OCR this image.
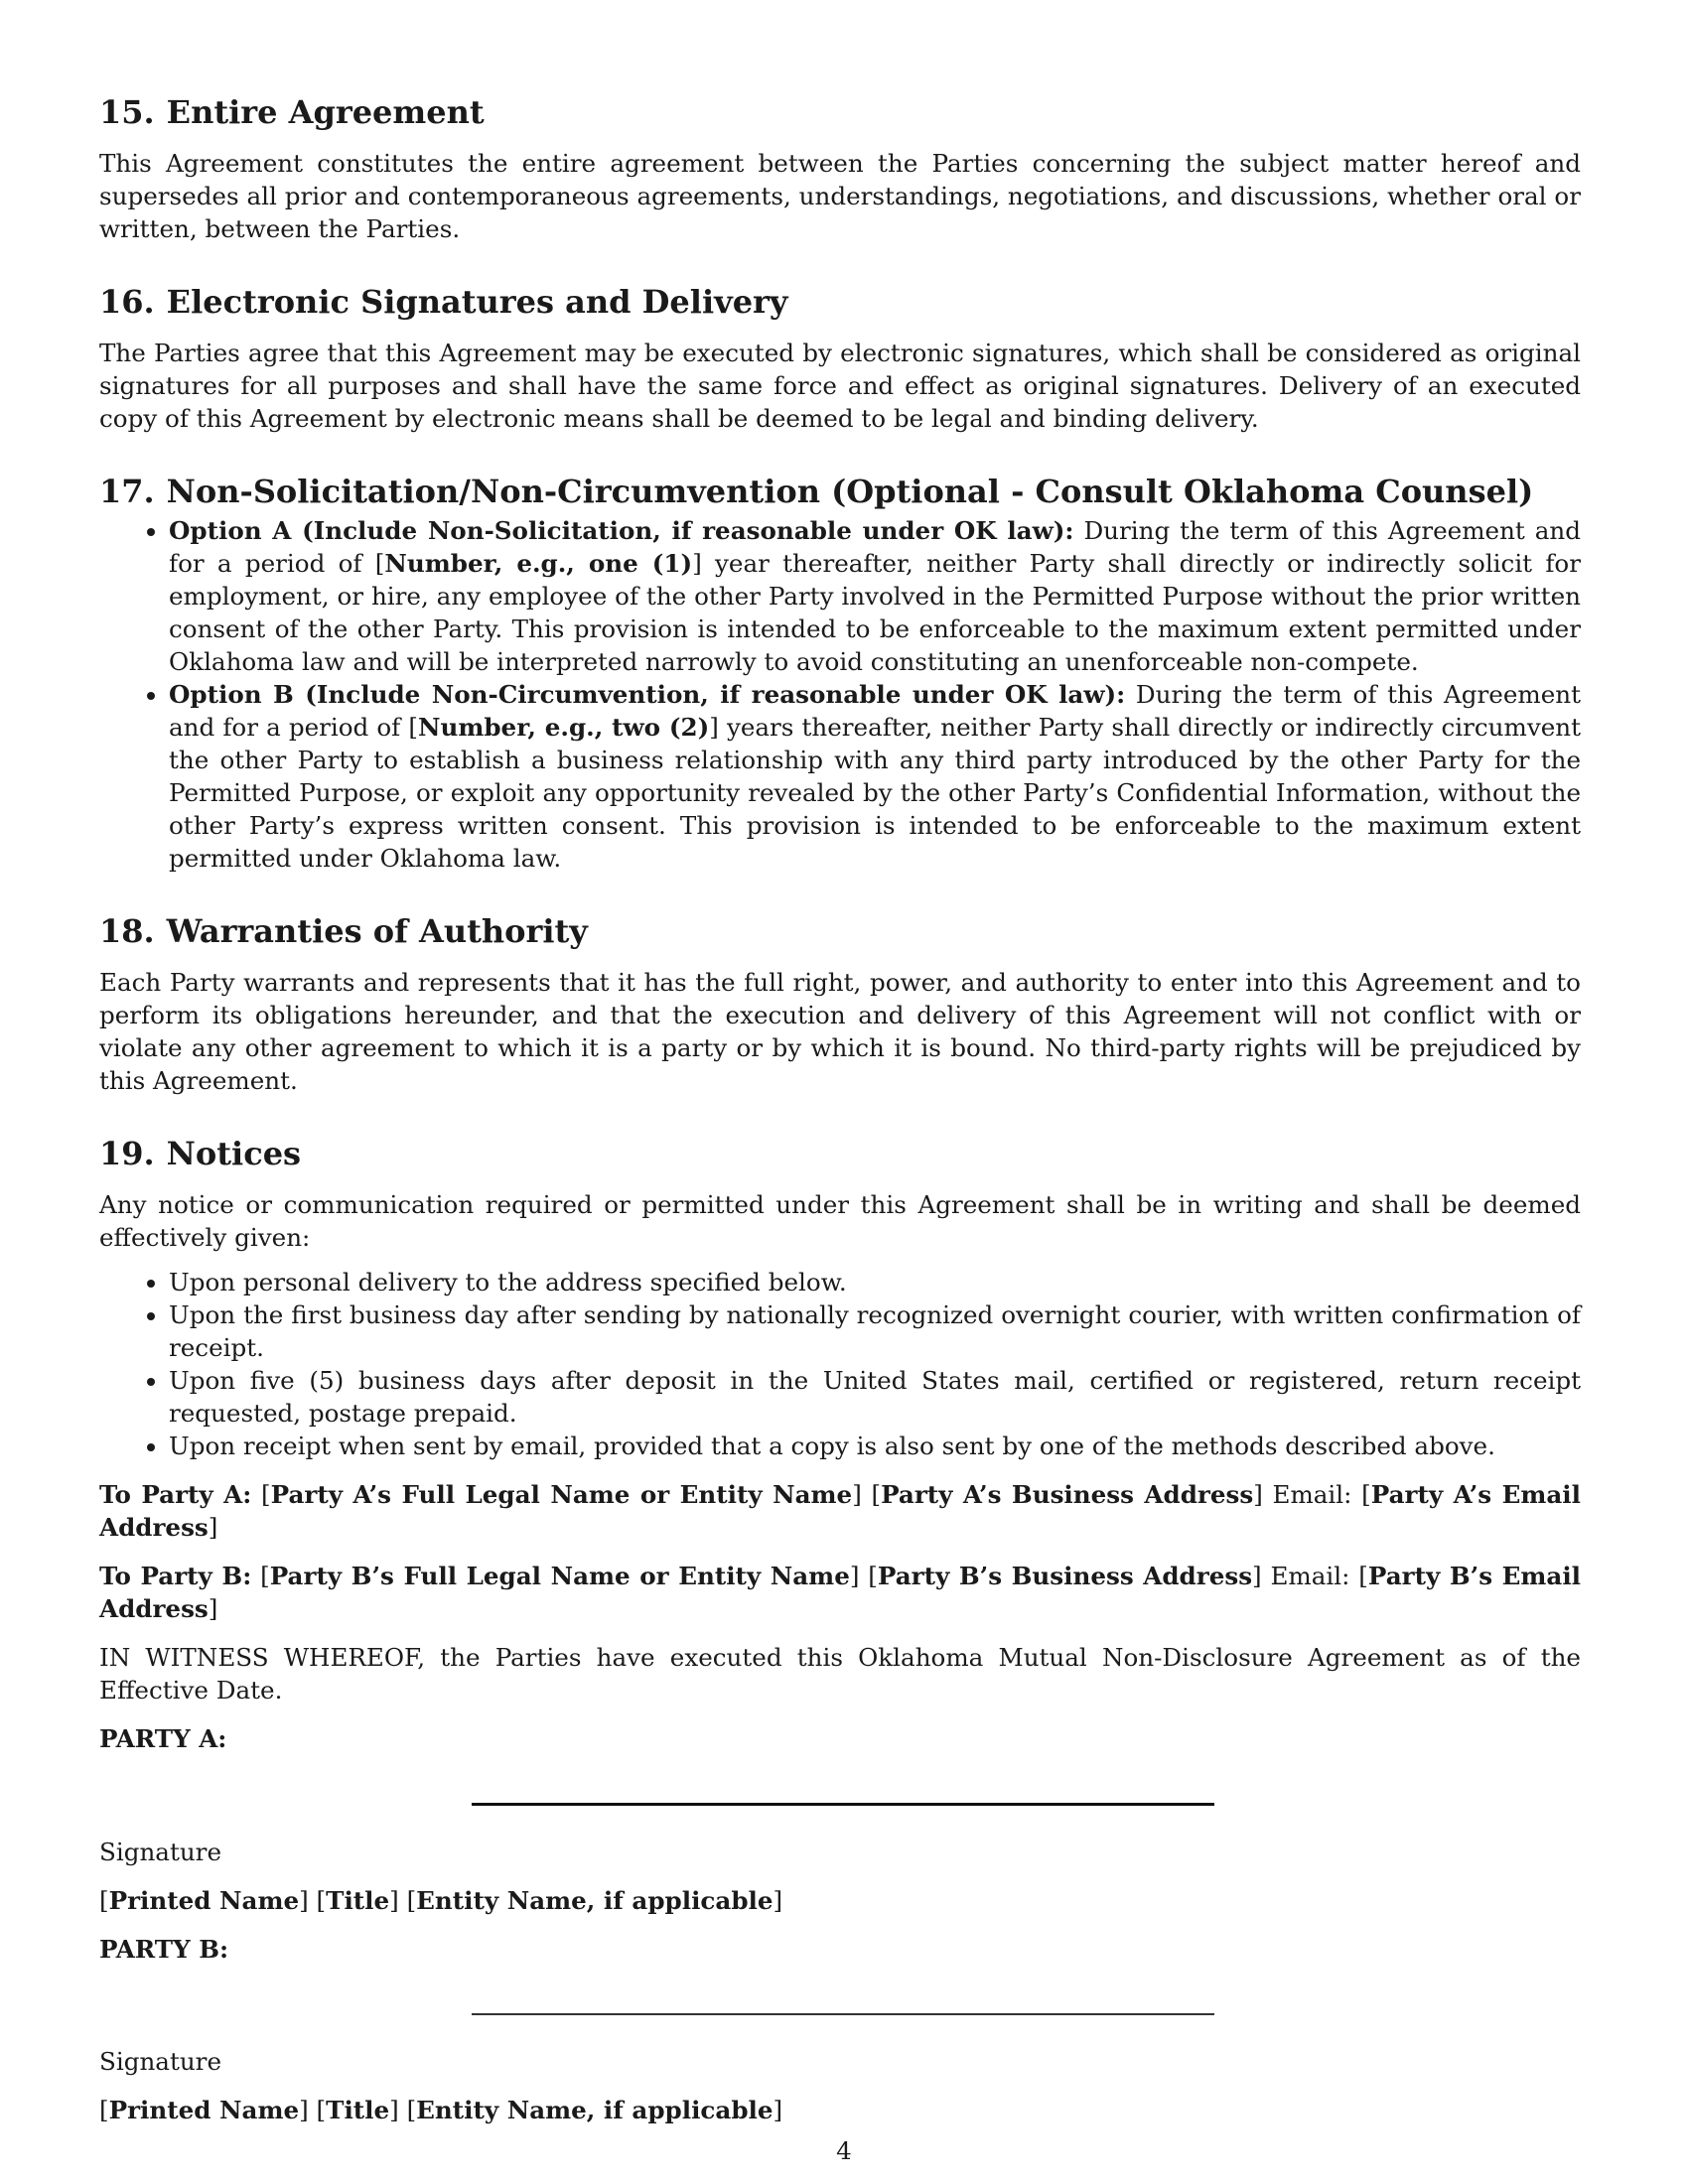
15. Entire Agreement

This Agreement constitutes the entire agreement between the Parties concerning the subject matter hereof and supersedes all prior and contemporaneous agreements, understandings, negotiations, and discussions, whether oral or written, between the Parties.

16. Electronic Signatures and Delivery

The Parties agree that this Agreement may be executed by electronic signatures, which shall be considered as original signatures for all purposes and shall have the same force and effect as original signatures. Delivery of an executed copy of this Agreement by electronic means shall be deemed to be legal and binding delivery.

17. Non-Solicitation/Non-Circumvention (Optional - Consult Oklahoma Counsel)
• Option A (Include Non-Solicitation, if reasonable under OK law): During the term of this Agreement and for a period of [Number, e.g., one (1)] year thereafter, neither Party shall directly or indirectly solicit for employment, or hire, any employee of the other Party involved in the Permitted Purpose without the prior written consent of the other Party. This provision is intended to be enforceable to the maximum extent permitted under Oklahoma law and will be interpreted narrowly to avoid constituting an unenforceable non-compete.
• Option B (Include Non-Circumvention, if reasonable under OK law): During the term of this Agreement and for a period of [Number, e.g., two (2)] years thereafter, neither Party shall directly or indirectly circumvent the other Party to establish a business relationship with any third party introduced by the other Party for the Permitted Purpose, or exploit any opportunity revealed by the other Party’s Confidential Information, without the other Party’s express written consent. This provision is intended to be enforceable to the maximum extent permitted under Oklahoma law.
18. Warranties of Authority

Each Party warrants and represents that it has the full right, power, and authority to enter into this Agreement and to perform its obligations hereunder, and that the execution and delivery of this Agreement will not conflict with or violate any other agreement to which it is a party or by which it is bound. No third-party rights will be prejudiced by this Agreement.

19. Notices

Any notice or communication required or permitted under this Agreement shall be in writing and shall be deemed effectively given:

• Upon personal delivery to the address specified below.
• Upon the first business day after sending by nationally recognized overnight courier, with written confirmation of receipt.
• Upon five (5) business days after deposit in the United States mail, certified or registered, return receipt requested, postage prepaid.
• Upon receipt when sent by email, provided that a copy is also sent by one of the methods described above.

To Party A: [Party A’s Full Legal Name or Entity Name] [Party A’s Business Address] Email: [Party A’s Email Address]

To Party B: [Party B’s Full Legal Name or Entity Name] [Party B’s Business Address] Email: [Party B’s Email Address]

IN WITNESS WHEREOF, the Parties have executed this Oklahoma Mutual Non-Disclosure Agreement as of the Effective Date.

PARTY A:
Signature
[Printed Name] [Title] [Entity Name, if applicable]
PARTY B:
Signature
[Printed Name] [Title] [Entity Name, if applicable]
4
